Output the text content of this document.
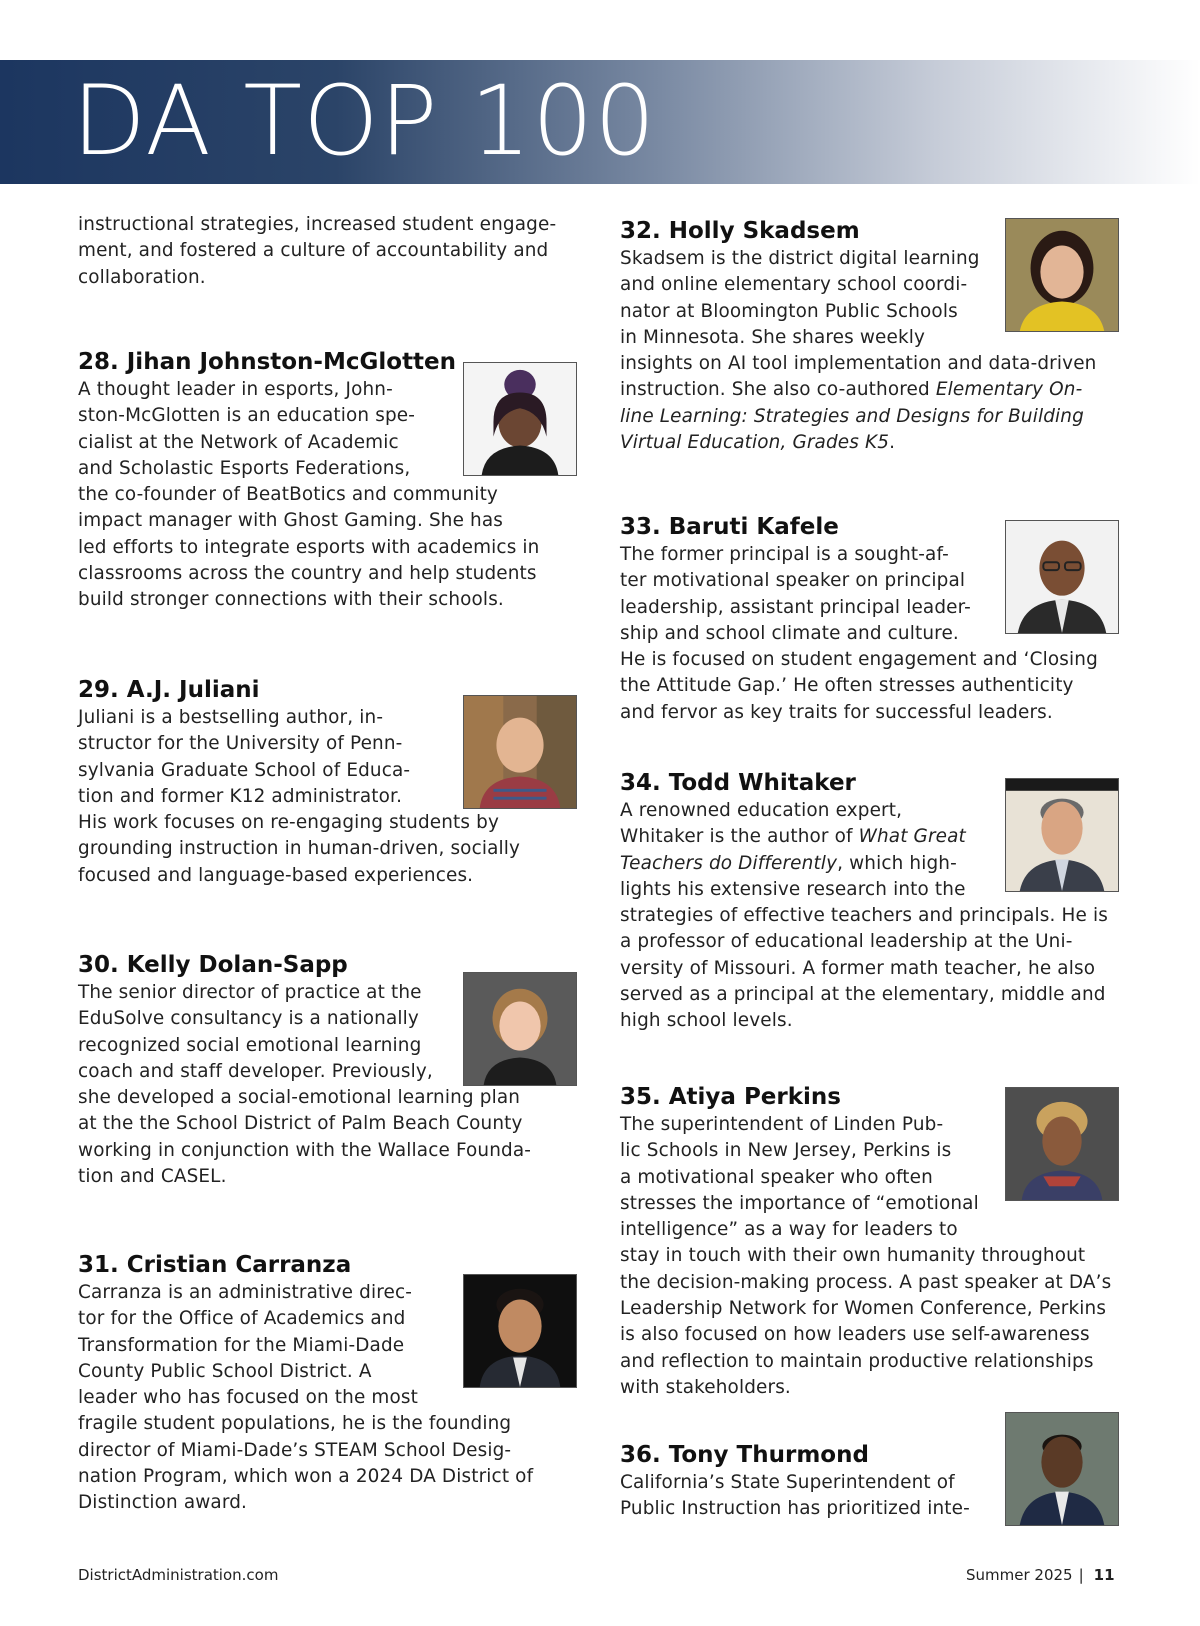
DA TOP 100

instructional strategies, increased student engage-
ment, and fostered a culture of accountability and
collaboration.

28. Jihan Johnston-McGlotten

A thought leader in esports, John-
ston-McGlotten is an education spe-
cialist at the Network of Academic
and Scholastic Esports Federations,
the co-founder of BeatBotics and community
impact manager with Ghost Gaming. She has
led efforts to integrate esports with academics in
classrooms across the country and help students
build stronger connections with their schools.

29. A.J. Juliani

Juliani is a bestselling author, in-
structor for the University of Penn-
sylvania Graduate School of Educa-
tion and former K12 administrator.
His work focuses on re-engaging students by
grounding instruction in human-driven, socially
focused and language-based experiences.

30. Kelly Dolan-Sapp

The senior director of practice at the
EduSolve consultancy is a nationally
recognized social emotional learning
coach and staff developer. Previously,
she developed a social-emotional learning plan
at the the School District of Palm Beach County
working in conjunction with the Wallace Founda-
tion and CASEL.

31. Cristian Carranza

Carranza is an administrative direc-
tor for the Office of Academics and
Transformation for the Miami-Dade
County Public School District. A
leader who has focused on the most
fragile student populations, he is the founding
director of Miami-Dade’s STEAM School Desig-
nation Program, which won a 2024 DA District of
Distinction award.

32. Holly Skadsem

Skadsem is the district digital learning
and online elementary school coordi-
nator at Bloomington Public Schools
in Minnesota. She shares weekly
insights on AI tool implementation and data-driven
instruction. She also co-authored Elementary On-
line Learning: Strategies and Designs for Building
Virtual Education, Grades K5.

33. Baruti Kafele

The former principal is a sought-af-
ter motivational speaker on principal
leadership, assistant principal leader-
ship and school climate and culture.
He is focused on student engagement and ‘Closing
the Attitude Gap.’ He often stresses authenticity
and fervor as key traits for successful leaders.

34. Todd Whitaker

A renowned education expert,
Whitaker is the author of What Great
Teachers do Differently, which high-
lights his extensive research into the
strategies of effective teachers and principals. He is
a professor of educational leadership at the Uni-
versity of Missouri. A former math teacher, he also
served as a principal at the elementary, middle and
high school levels.

35. Atiya Perkins

The superintendent of Linden Pub-
lic Schools in New Jersey, Perkins is
a motivational speaker who often
stresses the importance of “emotional
intelligence” as a way for leaders to
stay in touch with their own humanity throughout
the decision-making process. A past speaker at DA’s
Leadership Network for Women Conference, Perkins
is also focused on how leaders use self-awareness
and reflection to maintain productive relationships
with stakeholders.

36. Tony Thurmond

California’s State Superintendent of
Public Instruction has prioritized inte-

DistrictAdministration.com	Summer 2025 | 11
